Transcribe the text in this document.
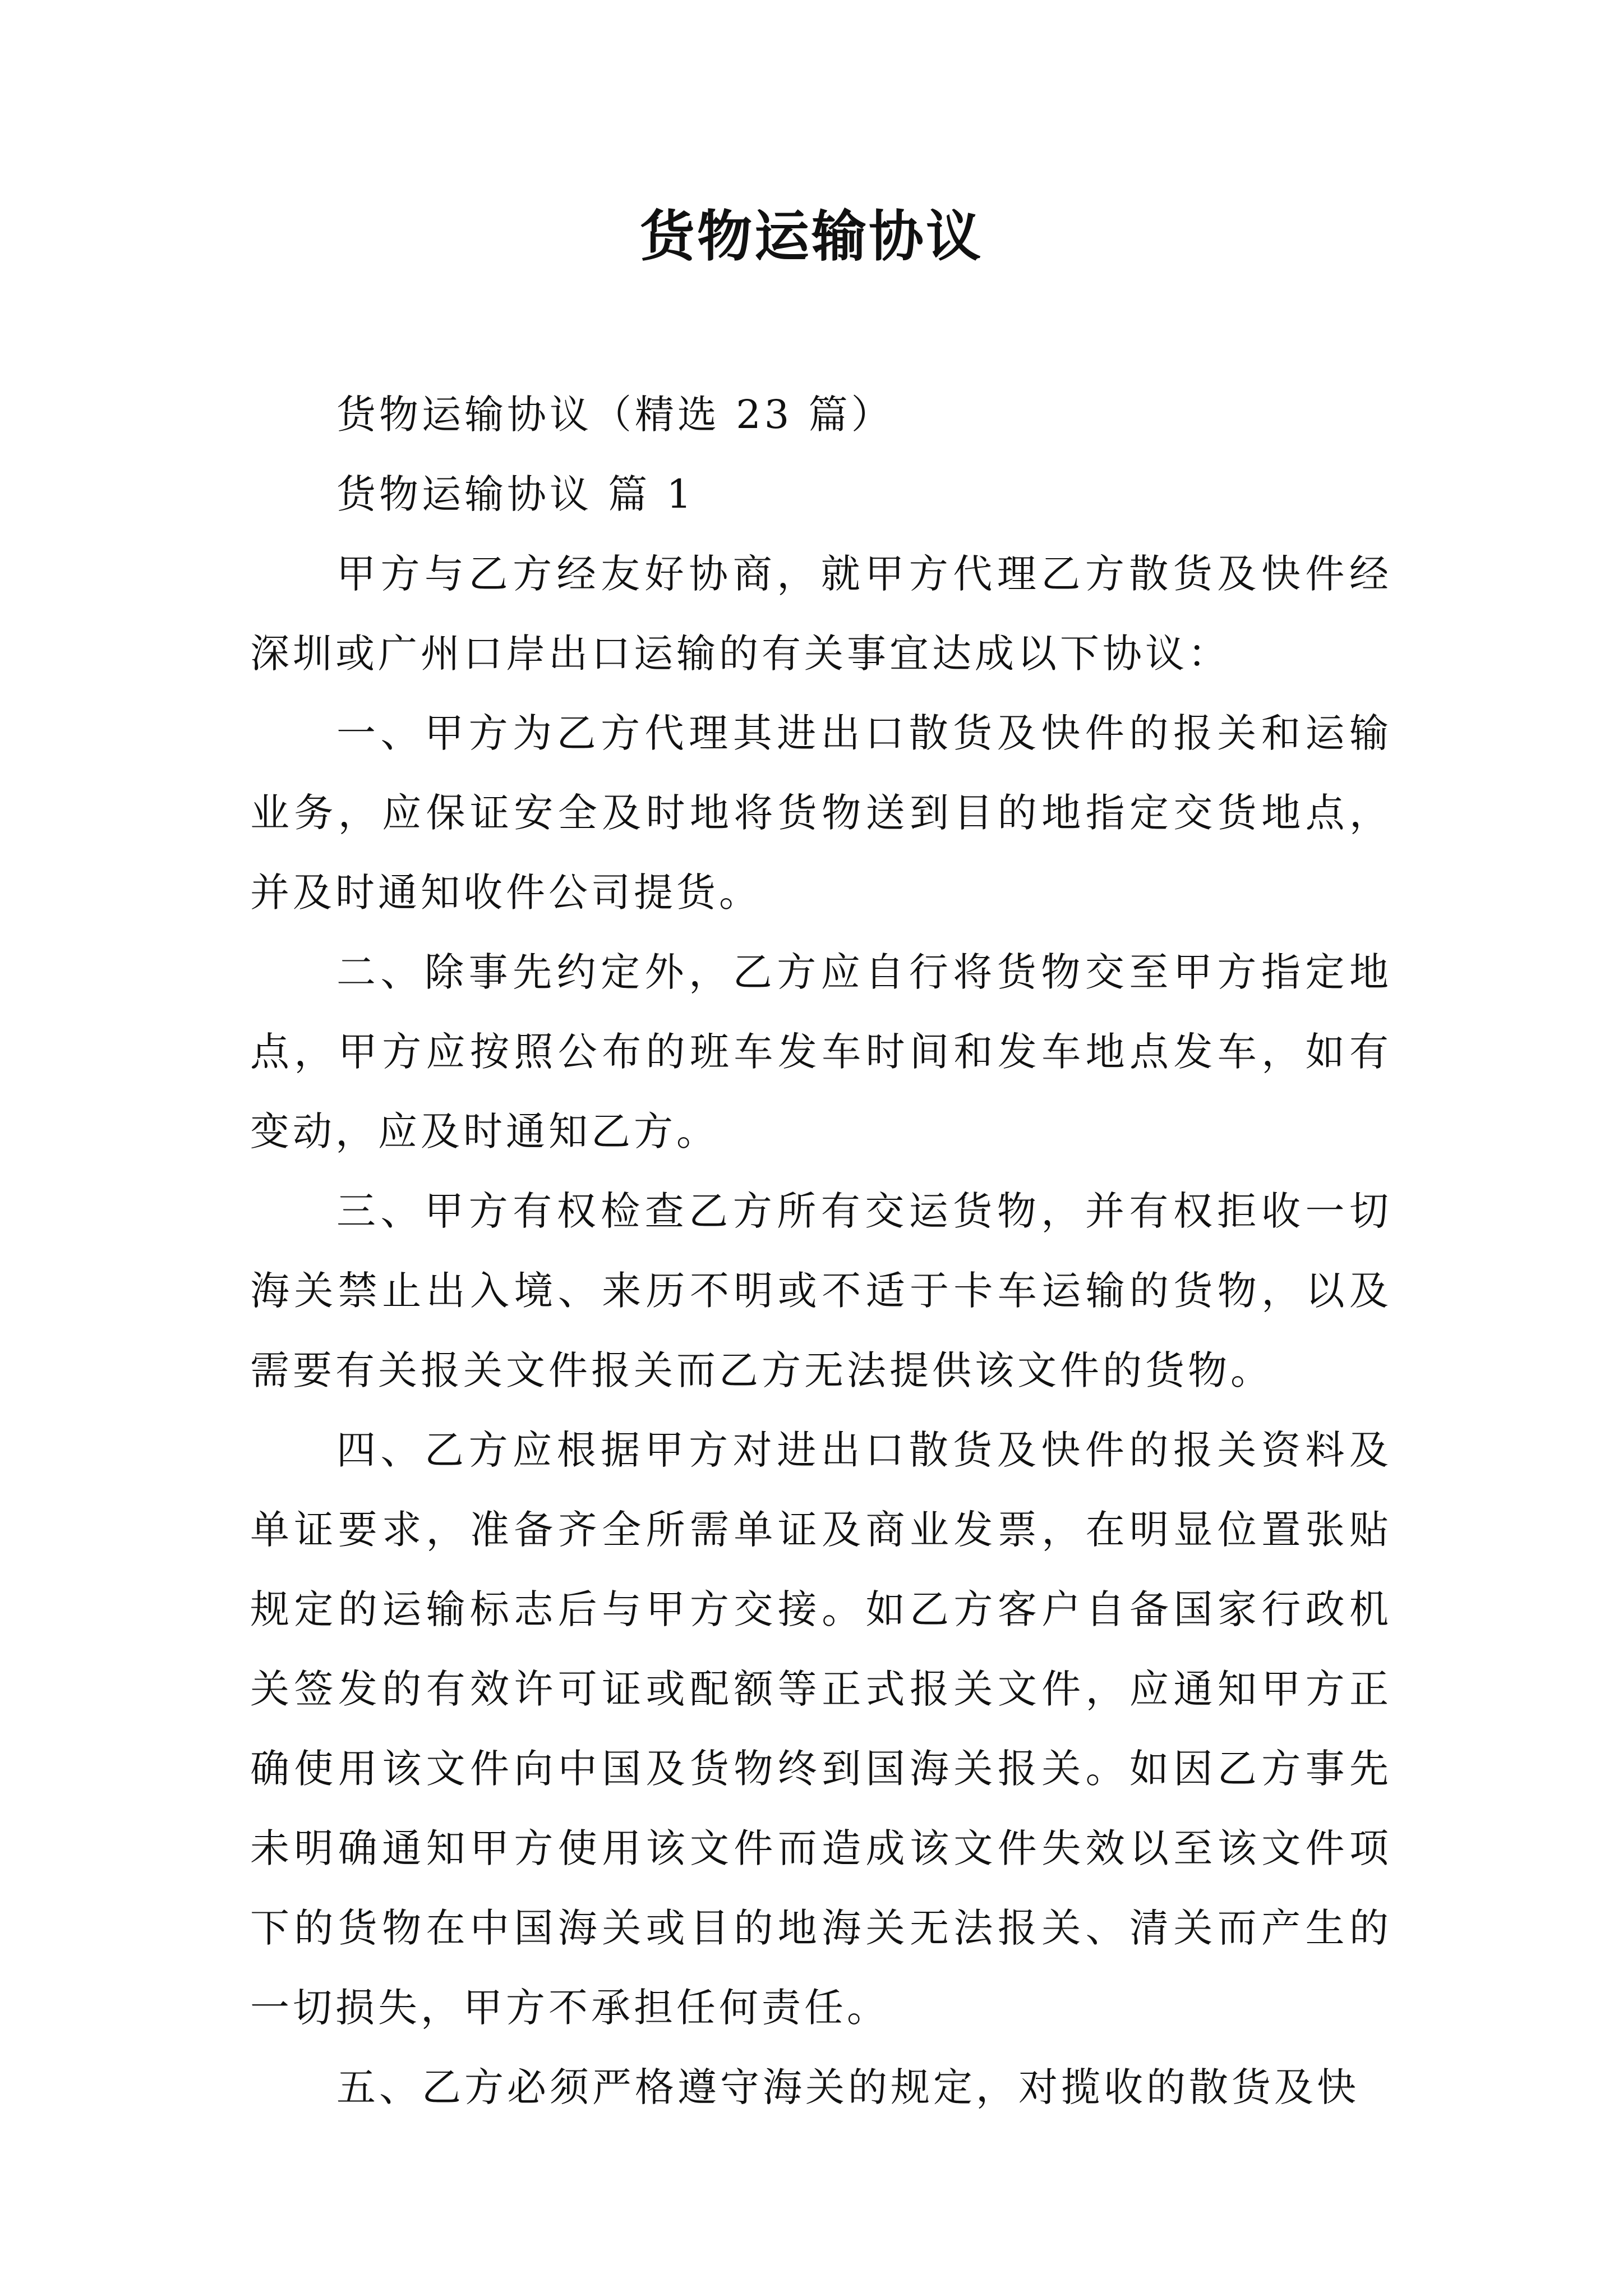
货物运输协议

货物运输协议（精选 23 篇）

货物运输协议 篇 1

甲方与乙方经友好协商，就甲方代理乙方散货及快件经深圳或广州口岸出口运输的有关事宜达成以下协议：

一、甲方为乙方代理其进出口散货及快件的报关和运输业务，应保证安全及时地将货物送到目的地指定交货地点，并及时通知收件公司提货。

二、除事先约定外，乙方应自行将货物交至甲方指定地点，甲方应按照公布的班车发车时间和发车地点发车，如有变动，应及时通知乙方。

三、甲方有权检查乙方所有交运货物，并有权拒收一切海关禁止出入境、来历不明或不适于卡车运输的货物，以及需要有关报关文件报关而乙方无法提供该文件的货物。

四、乙方应根据甲方对进出口散货及快件的报关资料及单证要求，准备齐全所需单证及商业发票，在明显位置张贴规定的运输标志后与甲方交接。如乙方客户自备国家行政机关签发的有效许可证或配额等正式报关文件，应通知甲方正确使用该文件向中国及货物终到国海关报关。如因乙方事先未明确通知甲方使用该文件而造成该文件失效以至该文件项下的货物在中国海关或目的地海关无法报关、清关而产生的一切损失，甲方不承担任何责任。

五、乙方必须严格遵守海关的规定，对揽收的散货及快
